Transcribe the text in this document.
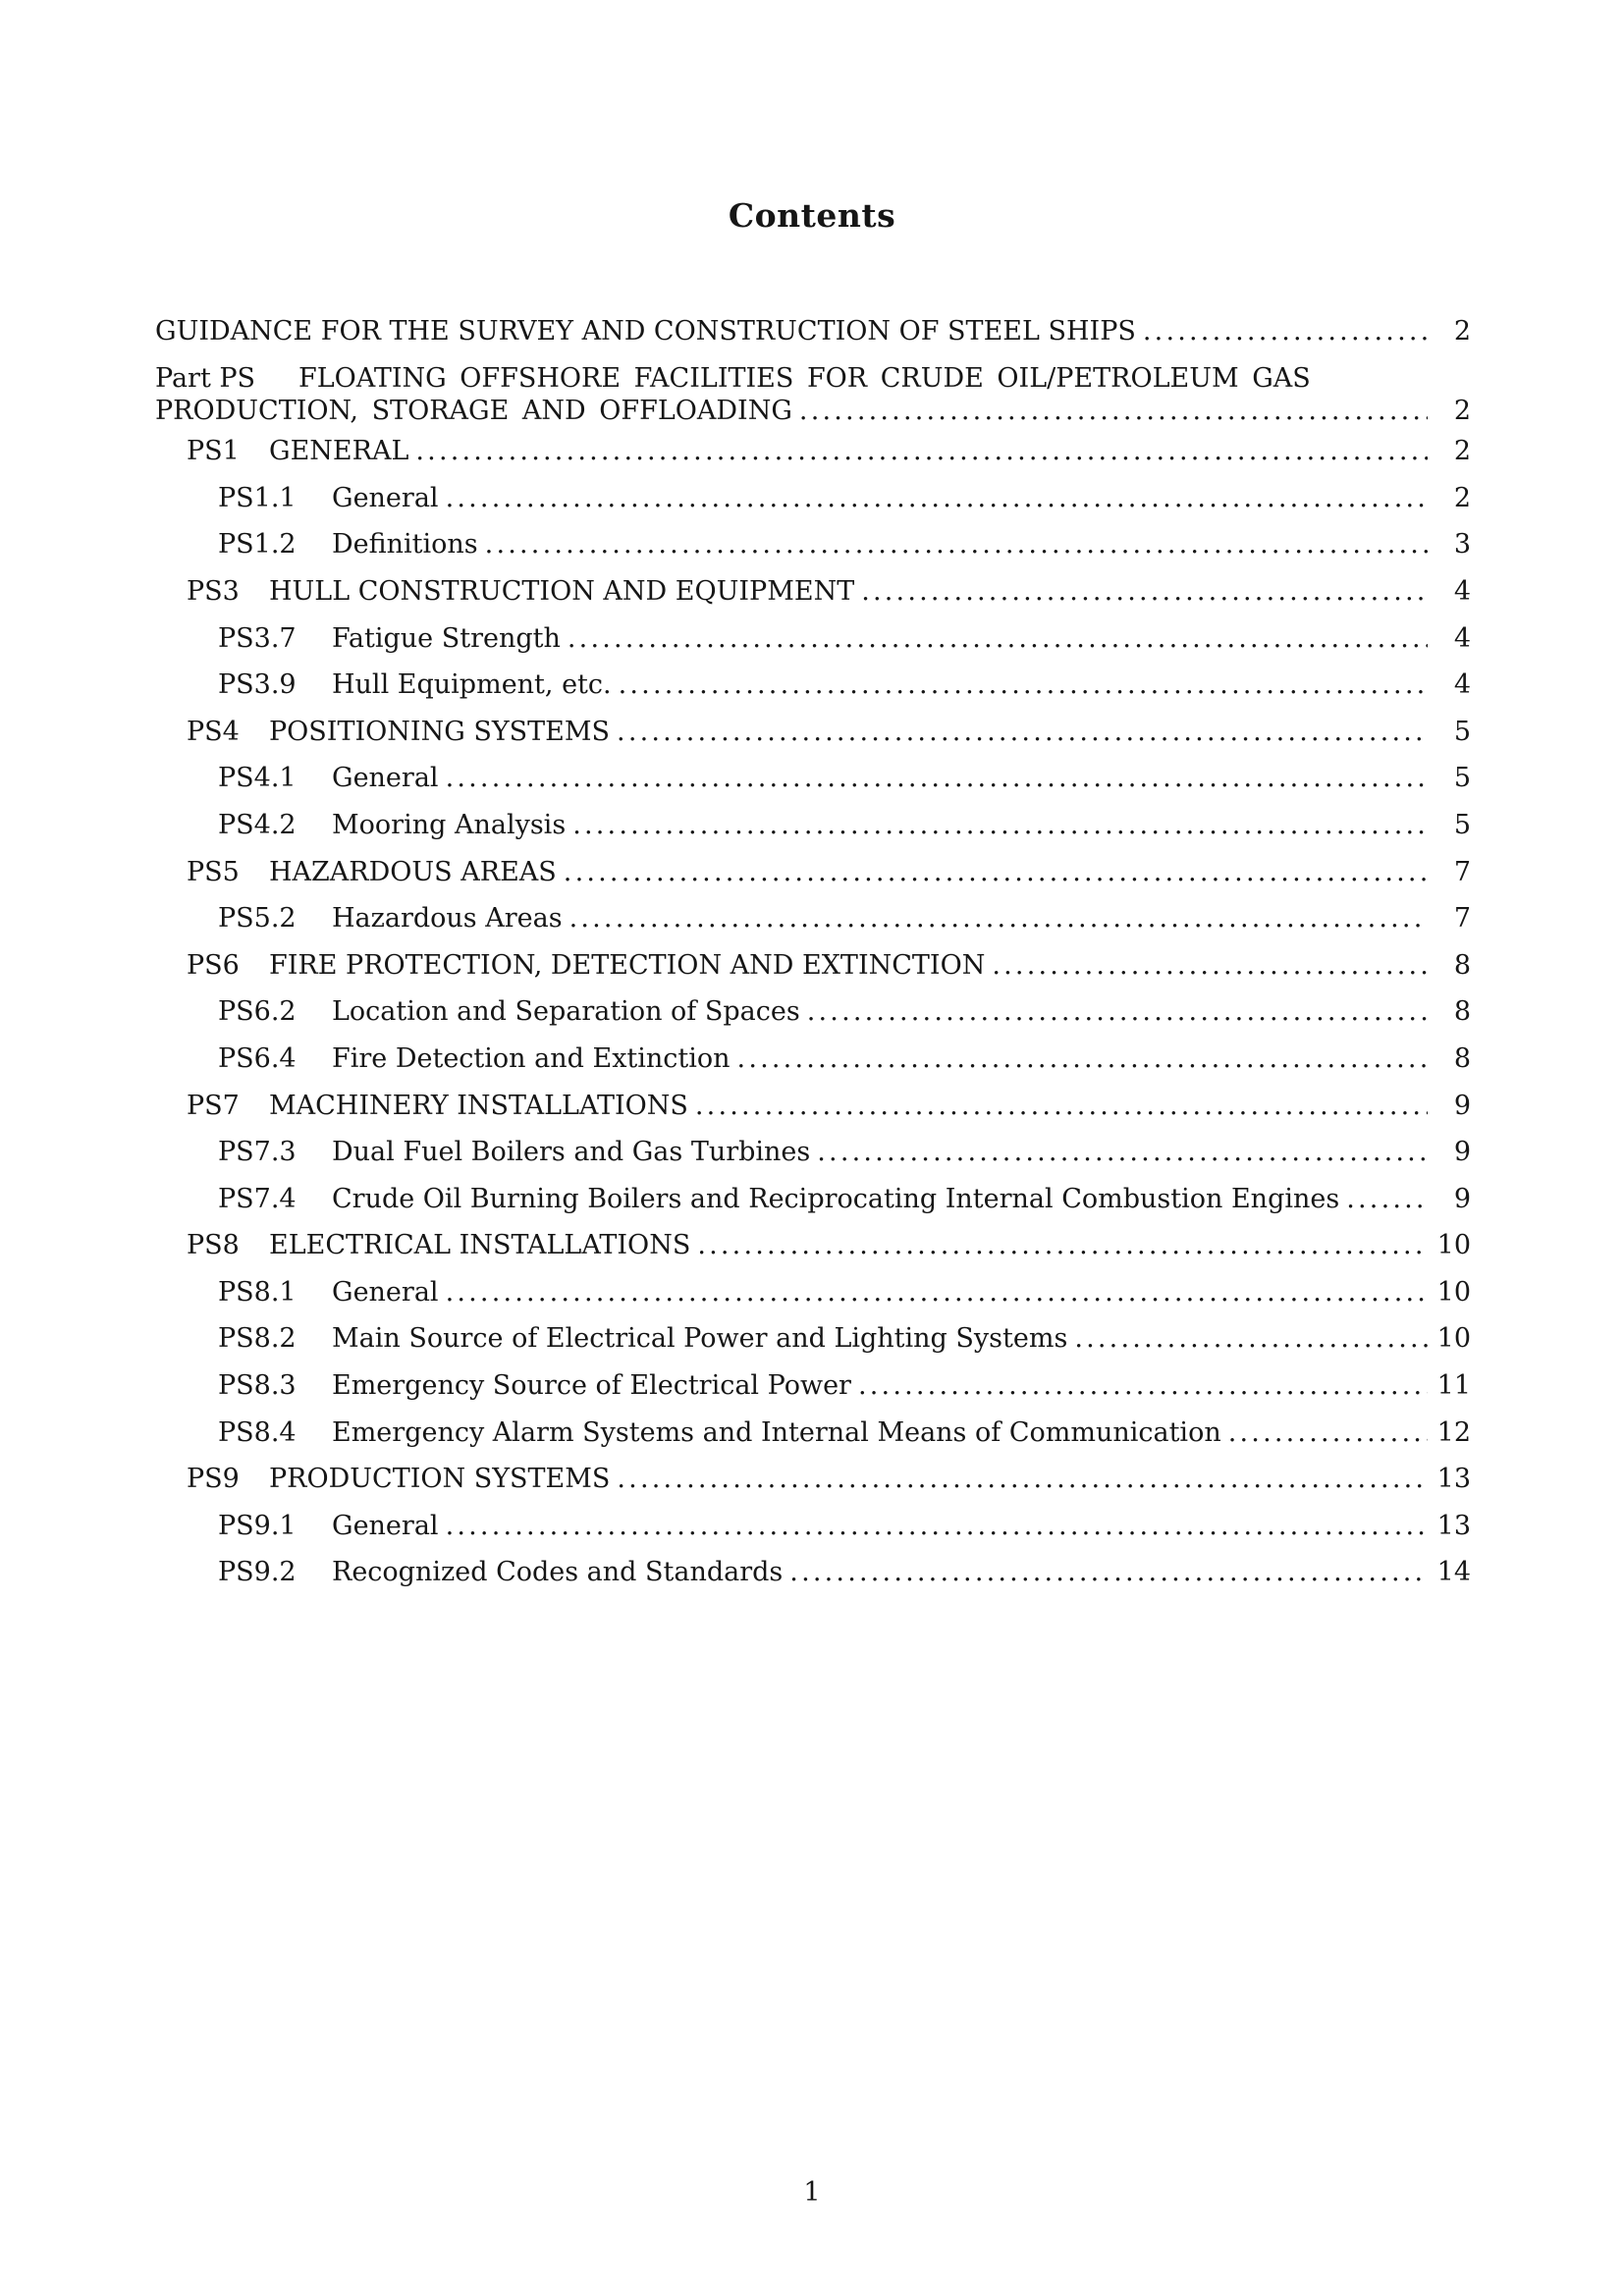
Contents
GUIDANCE FOR THE SURVEY AND CONSTRUCTION OF STEEL SHIPS .....	2
Part PS	FLOATING OFFSHORE FACILITIES FOR CRUDE OIL/PETROLEUM GAS
PRODUCTION, STORAGE AND OFFLOADING .....	2
PS1	GENERAL .....	2
PS1.1	General .....	2
PS1.2	Definitions .....	3
PS3	HULL CONSTRUCTION AND EQUIPMENT .....	4
PS3.7	Fatigue Strength .....	4
PS3.9	Hull Equipment, etc. .....	4
PS4	POSITIONING SYSTEMS .....	5
PS4.1	General .....	5
PS4.2	Mooring Analysis .....	5
PS5	HAZARDOUS AREAS .....	7
PS5.2	Hazardous Areas .....	7
PS6	FIRE PROTECTION, DETECTION AND EXTINCTION .....	8
PS6.2	Location and Separation of Spaces .....	8
PS6.4	Fire Detection and Extinction .....	8
PS7	MACHINERY INSTALLATIONS .....	9
PS7.3	Dual Fuel Boilers and Gas Turbines .....	9
PS7.4	Crude Oil Burning Boilers and Reciprocating Internal Combustion Engines .....	9
PS8	ELECTRICAL INSTALLATIONS .....	10
PS8.1	General .....	10
PS8.2	Main Source of Electrical Power and Lighting Systems .....	10
PS8.3	Emergency Source of Electrical Power .....	11
PS8.4	Emergency Alarm Systems and Internal Means of Communication .....	12
PS9	PRODUCTION SYSTEMS .....	13
PS9.1	General .....	13
PS9.2	Recognized Codes and Standards .....	14
1
